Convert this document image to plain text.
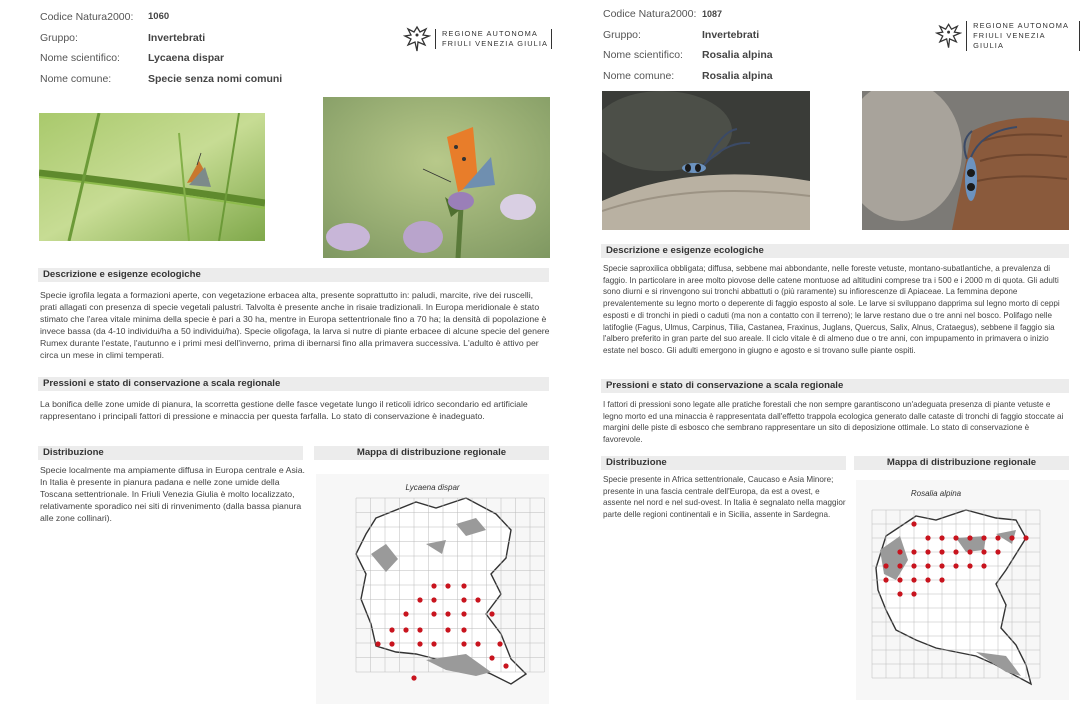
Codice Natura2000:	1060
Gruppo:	Invertebrati
Nome scientifico:	Lycaena dispar
Nome comune:	Specie senza nomi comuni
REGIONE AUTONOMA
FRIULI VENEZIA GIULIA
Descrizione e esigenze ecologiche
Specie igrofila legata a formazioni aperte, con vegetazione erbacea alta, presente soprattutto in: paludi, marcite, rive dei ruscelli, prati allagati con presenza di specie vegetali palustri. Talvolta è presente anche in risaie tradizionali. In Europa meridionale è stato stimato che l'area vitale minima della specie è pari a 30 ha, mentre in Europa settentrionale fino a 70 ha; la densità di popolazione è invece bassa (da 4-10 individui/ha a 50 individui/ha). Specie oligofaga, la larva si nutre di piante erbacee di alcune specie del genere Rumex durante l'estate, l'autunno e i primi mesi dell'inverno, prima di ibernarsi fino alla primavera successiva. L'adulto è attivo per circa un mese in climi temperati.
Pressioni e stato di conservazione a scala regionale
La bonifica delle zone umide di pianura, la scorretta gestione delle fasce vegetate lungo il reticoli idrico secondario ed artificiale rappresentano i principali fattori di pressione e minaccia per questa farfalla. Lo stato di conservazione è inadeguato.
Distribuzione
Specie localmente ma ampiamente diffusa in Europa centrale e Asia. In Italia è presente in pianura padana e nelle zone umide della Toscana settentrionale. In Friuli Venezia Giulia è molto localizzato, relativamente sporadico nei siti di rinvenimento (dalla bassa pianura alle zone collinari).
Mappa di distribuzione regionale
Lycaena dispar
Codice Natura2000: 1087
Gruppo:	Invertebrati
Nome scientifico:	Rosalia alpina
Nome comune:	Rosalia alpina
REGIONE AUTONOMA
FRIULI VENEZIA GIULIA
Descrizione e esigenze ecologiche
Specie saproxilica obbligata; diffusa, sebbene mai abbondante, nelle foreste vetuste, montano-subatlantiche, a prevalenza di faggio. In particolare in aree molto piovose delle catene montuose ad altitudini comprese tra i 500 e i 2000 m di quota. Gli adulti sono diurni e si rinvengono sui tronchi abbattuti o (più raramente) su infiorescenze di Apiaceae. La femmina depone prevalentemente su legno morto o deperente di faggio esposto al sole. Le larve si sviluppano dapprima sul legno morto di ceppi esposti e di tronchi in piedi o caduti (ma non a contatto con il terreno); le larve restano due o tre anni nel bosco. Polifago nelle latifoglie (Fagus, Ulmus, Carpinus, Tilia, Castanea, Fraxinus, Juglans, Quercus, Salix, Alnus, Crataegus), sebbene il faggio sia l'albero preferito in gran parte del suo areale. Il ciclo vitale è di almeno due o tre anni, con impupamento in primavera o inizio estate nel bosco. Gli adulti emergono in giugno e agosto e si trovano sulle piante ospiti.
Pressioni e stato di conservazione a scala regionale
I fattori di pressioni sono legate alle pratiche forestali che non sempre garantiscono un'adeguata presenza di piante vetuste e legno morto ed una minaccia è rappresentata dall'effetto trappola ecologica generato dalle cataste di tronchi di faggio stoccate ai margini delle piste di esbosco che sembrano rappresentare un sito di deposizione ottimale. Lo stato di conservazione è favorevole.
Distribuzione
Specie presente in Africa settentrionale, Caucaso e Asia Minore; presente in una fascia centrale dell'Europa, da est a ovest, e assente nel nord e nel sud-ovest. In Italia è segnalato nella maggior parte delle regioni continentali e in Sicilia, assente in Sardegna.
Mappa di distribuzione regionale
Rosalia alpina
